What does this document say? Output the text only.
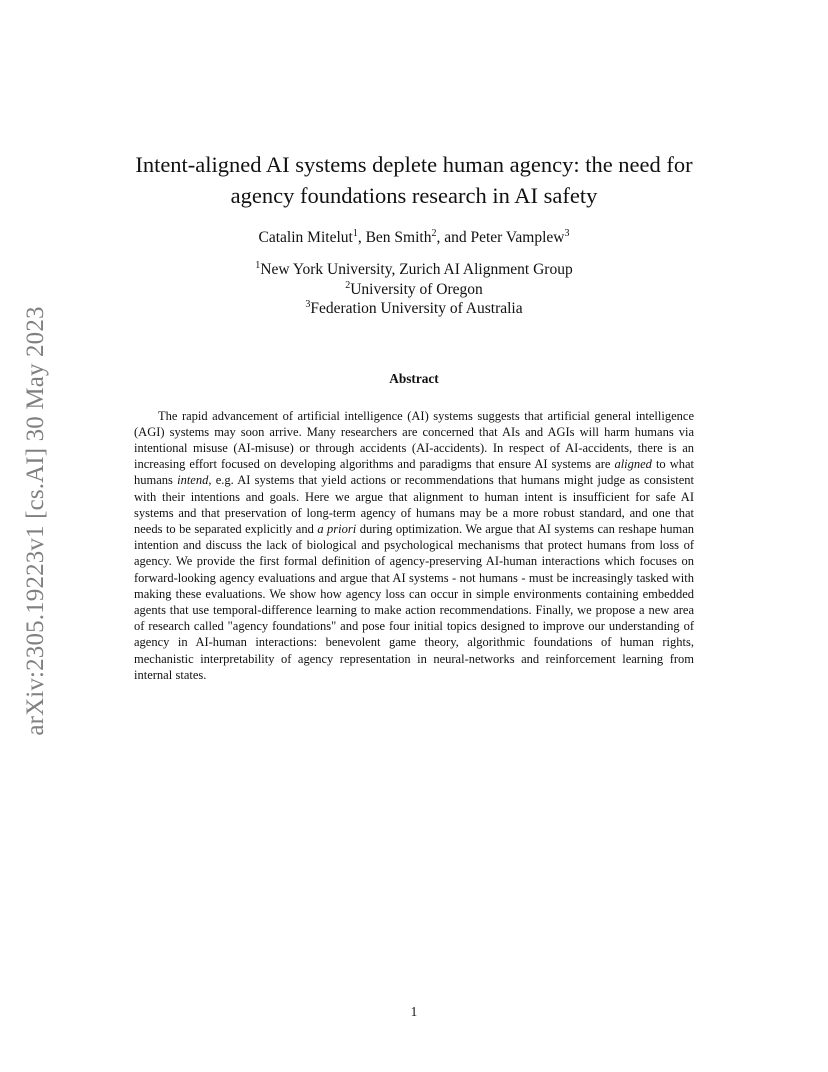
arXiv:2305.19223v1 [cs.AI] 30 May 2023
Intent-aligned AI systems deplete human agency: the need for
agency foundations research in AI safety
Catalin Mitelut$^1$, Ben Smith$^2$, and Peter Vamplew$^3$
$^1$New York University, Zurich AI Alignment Group
$^2$University of Oregon
$^3$Federation University of Australia
Abstract

The rapid advancement of artificial intelligence (AI) systems suggests that artificial general intelligence (AGI) systems may soon arrive. Many researchers are concerned that AIs and AGIs will harm humans via intentional misuse (AI-misuse) or through accidents (AI-accidents). In respect of AI-accidents, there is an increasing effort focused on developing algorithms and paradigms that ensure AI systems are aligned to what humans intend, e.g. AI systems that yield actions or recommendations that humans might judge as consistent with their intentions and goals. Here we argue that alignment to human intent is insufficient for safe AI systems and that preservation of long-term agency of humans may be a more robust standard, and one that needs to be separated explicitly and a priori during optimization. We argue that AI systems can reshape human intention and discuss the lack of biological and psychological mechanisms that protect humans from loss of agency. We provide the first formal definition of agency-preserving AI-human interactions which focuses on forward-looking agency evaluations and argue that AI systems - not humans - must be increasingly tasked with making these evaluations. We show how agency loss can occur in simple environments containing embedded agents that use temporal-difference learning to make action recommendations. Finally, we propose a new area of research called "agency foundations" and pose four initial topics designed to improve our understanding of agency in AI-human interactions: benevolent game theory, algorithmic foundations of human rights, mechanistic interpretability of agency representation in neural-networks and reinforcement learning from internal states.

1
